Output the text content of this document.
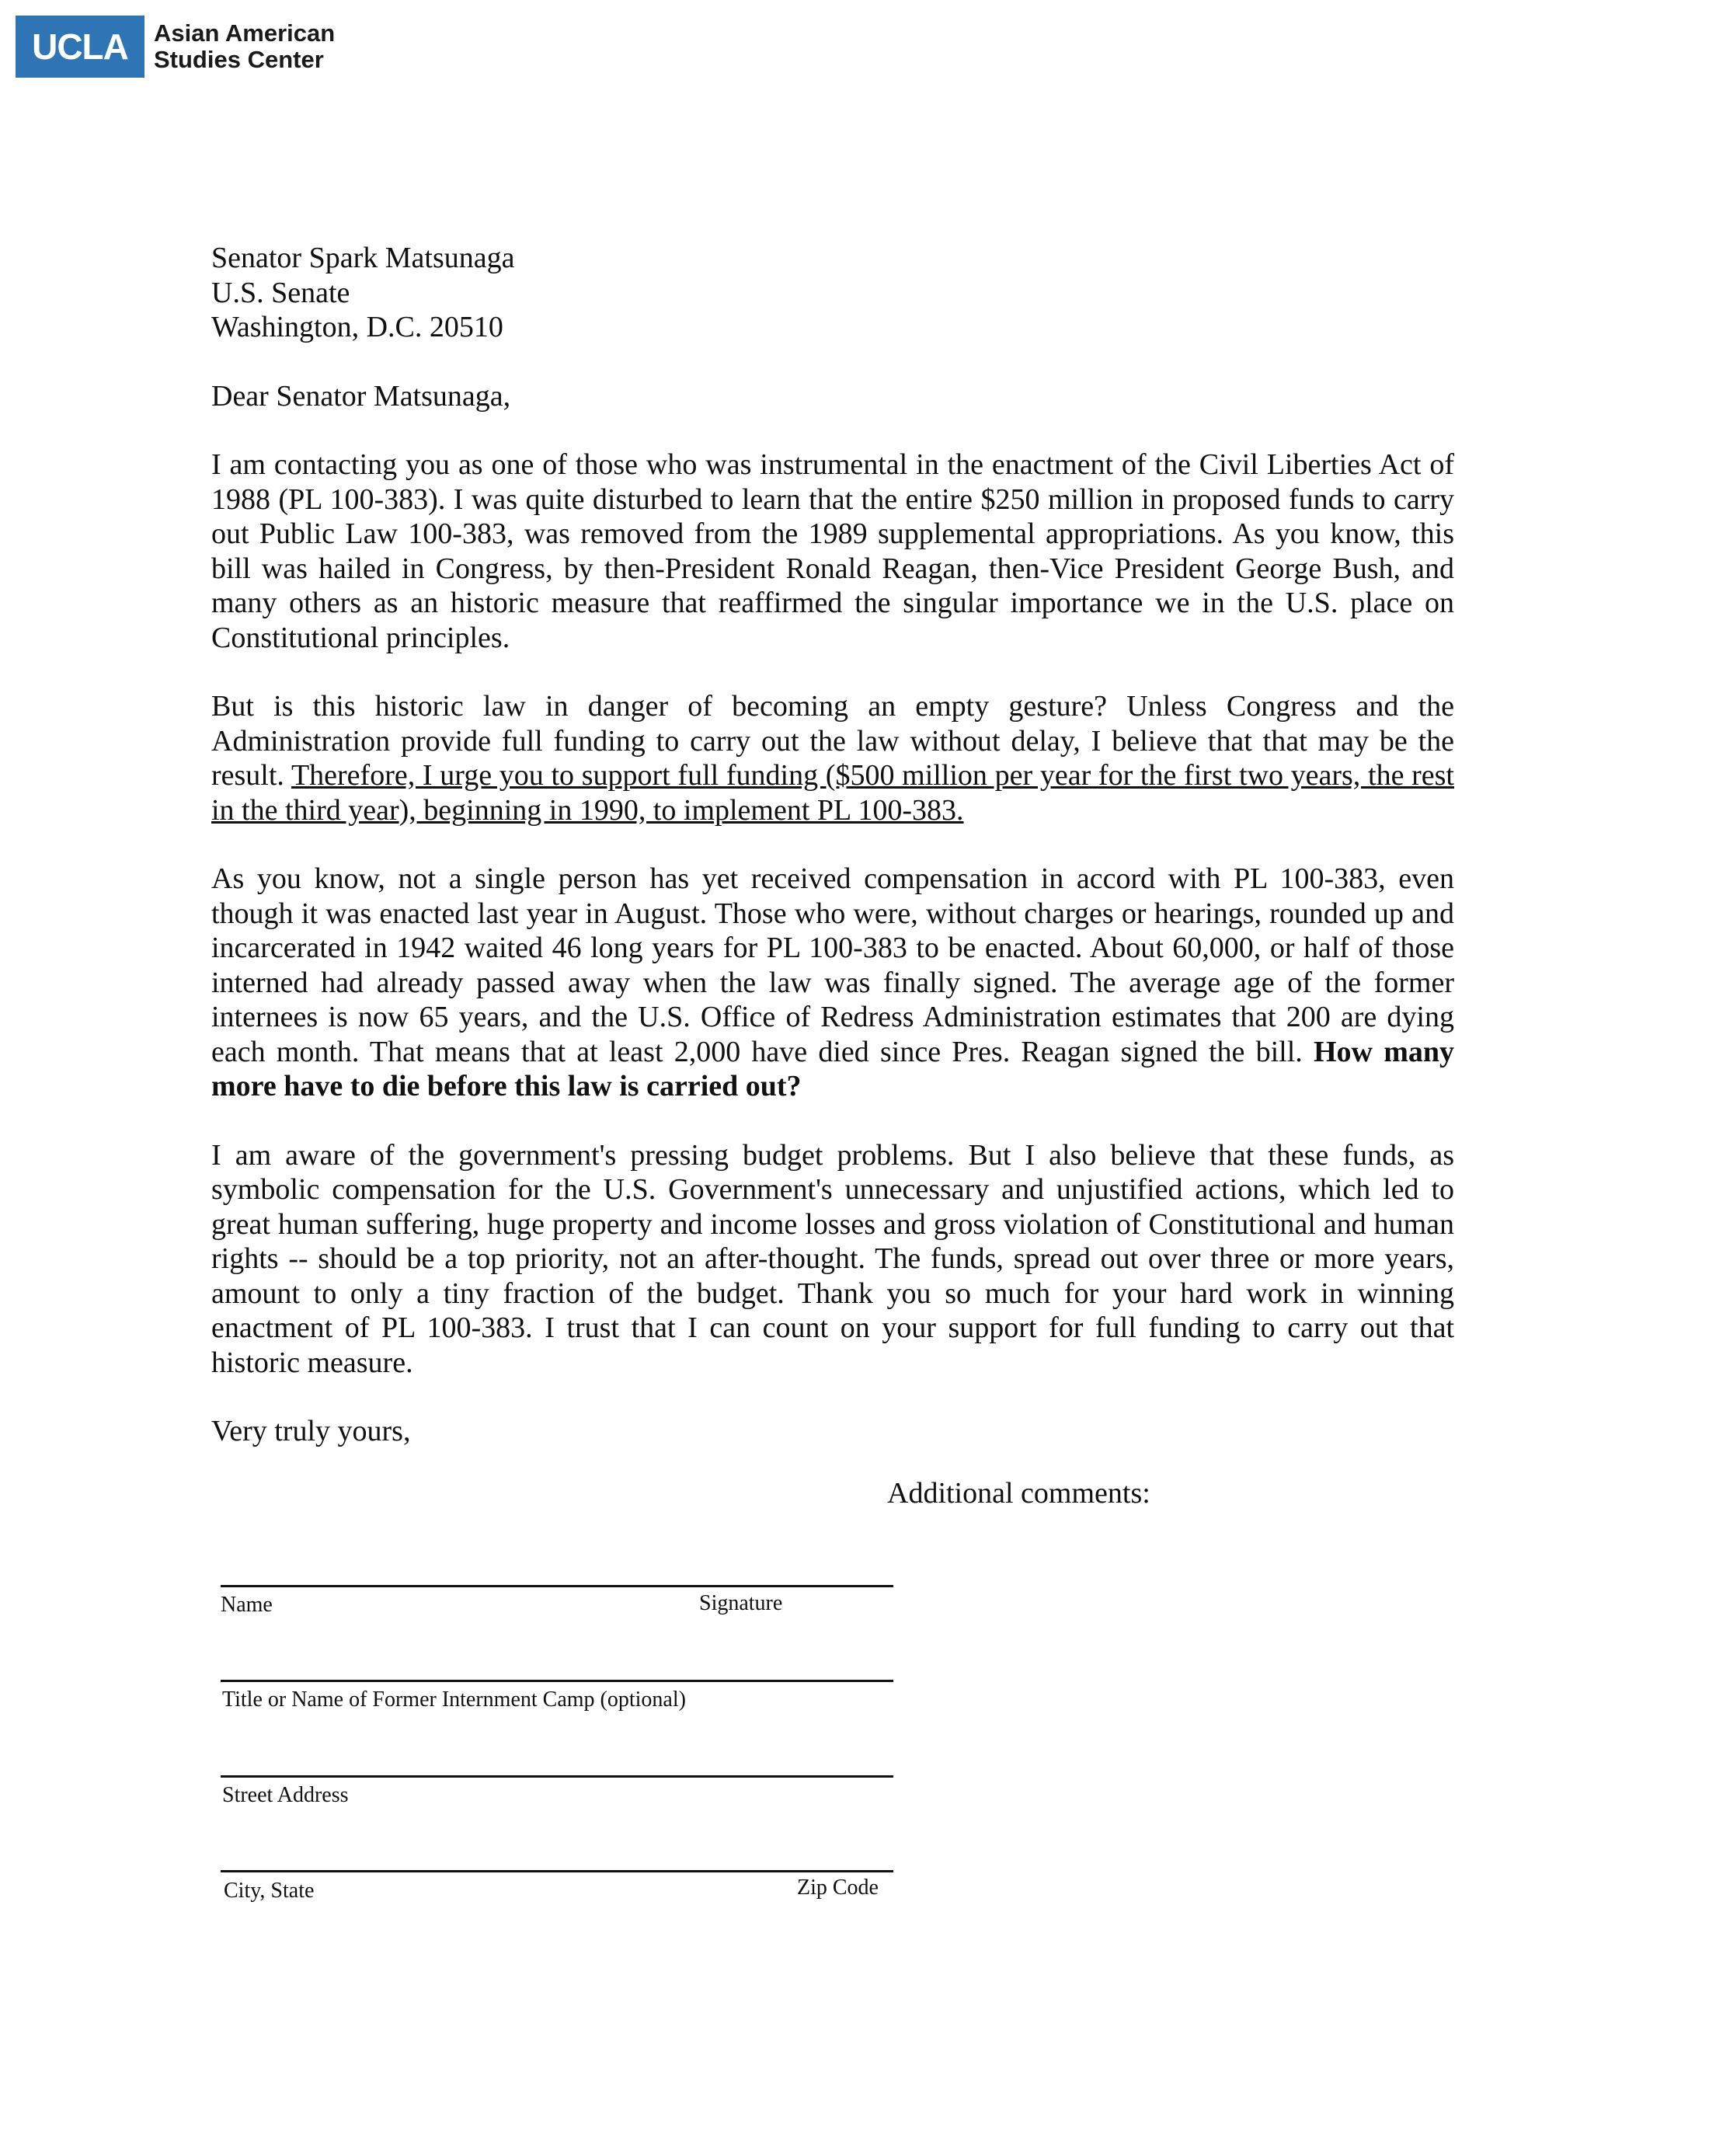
UCLA	Asian American
Studies Center
Senator Spark Matsunaga
U.S. Senate
Washington, D.C. 20510

Dear Senator Matsunaga,

I am contacting you as one of those who was instrumental in the enactment of the Civil Liberties Act of 1988 (PL 100-383). I was quite disturbed to learn that the entire $250 million in proposed funds to carry out Public Law 100-383, was removed from the 1989 supplemental appropriations. As you know, this bill was hailed in Congress, by then-President Ronald Reagan, then-Vice President George Bush, and many others as an historic measure that reaffirmed the singular importance we in the U.S. place on Constitutional principles.

But is this historic law in danger of becoming an empty gesture? Unless Congress and the Administration provide full funding to carry out the law without delay, I believe that that may be the result. Therefore, I urge you to support full funding ($500 million per year for the first two years, the rest in the third year), beginning in 1990, to implement PL 100-383.

As you know, not a single person has yet received compensation in accord with PL 100-383, even though it was enacted last year in August. Those who were, without charges or hearings, rounded up and incarcerated in 1942 waited 46 long years for PL 100-383 to be enacted. About 60,000, or half of those interned had already passed away when the law was finally signed. The average age of the former internees is now 65 years, and the U.S. Office of Redress Administration estimates that 200 are dying each month. That means that at least 2,000 have died since Pres. Reagan signed the bill. How many more have to die before this law is carried out?

I am aware of the government's pressing budget problems. But I also believe that these funds, as symbolic compensation for the U.S. Government's unnecessary and unjustified actions, which led to great human suffering, huge property and income losses and gross violation of Constitutional and human rights -- should be a top priority, not an after-thought. The funds, spread out over three or more years, amount to only a tiny fraction of the budget. Thank you so much for your hard work in winning enactment of PL 100-383. I trust that I can count on your support for full funding to carry out that historic measure.

Very truly yours,

Additional comments:
Name	Signature
Title or Name of Former Internment Camp (optional)
Street Address
City, State	Zip Code
